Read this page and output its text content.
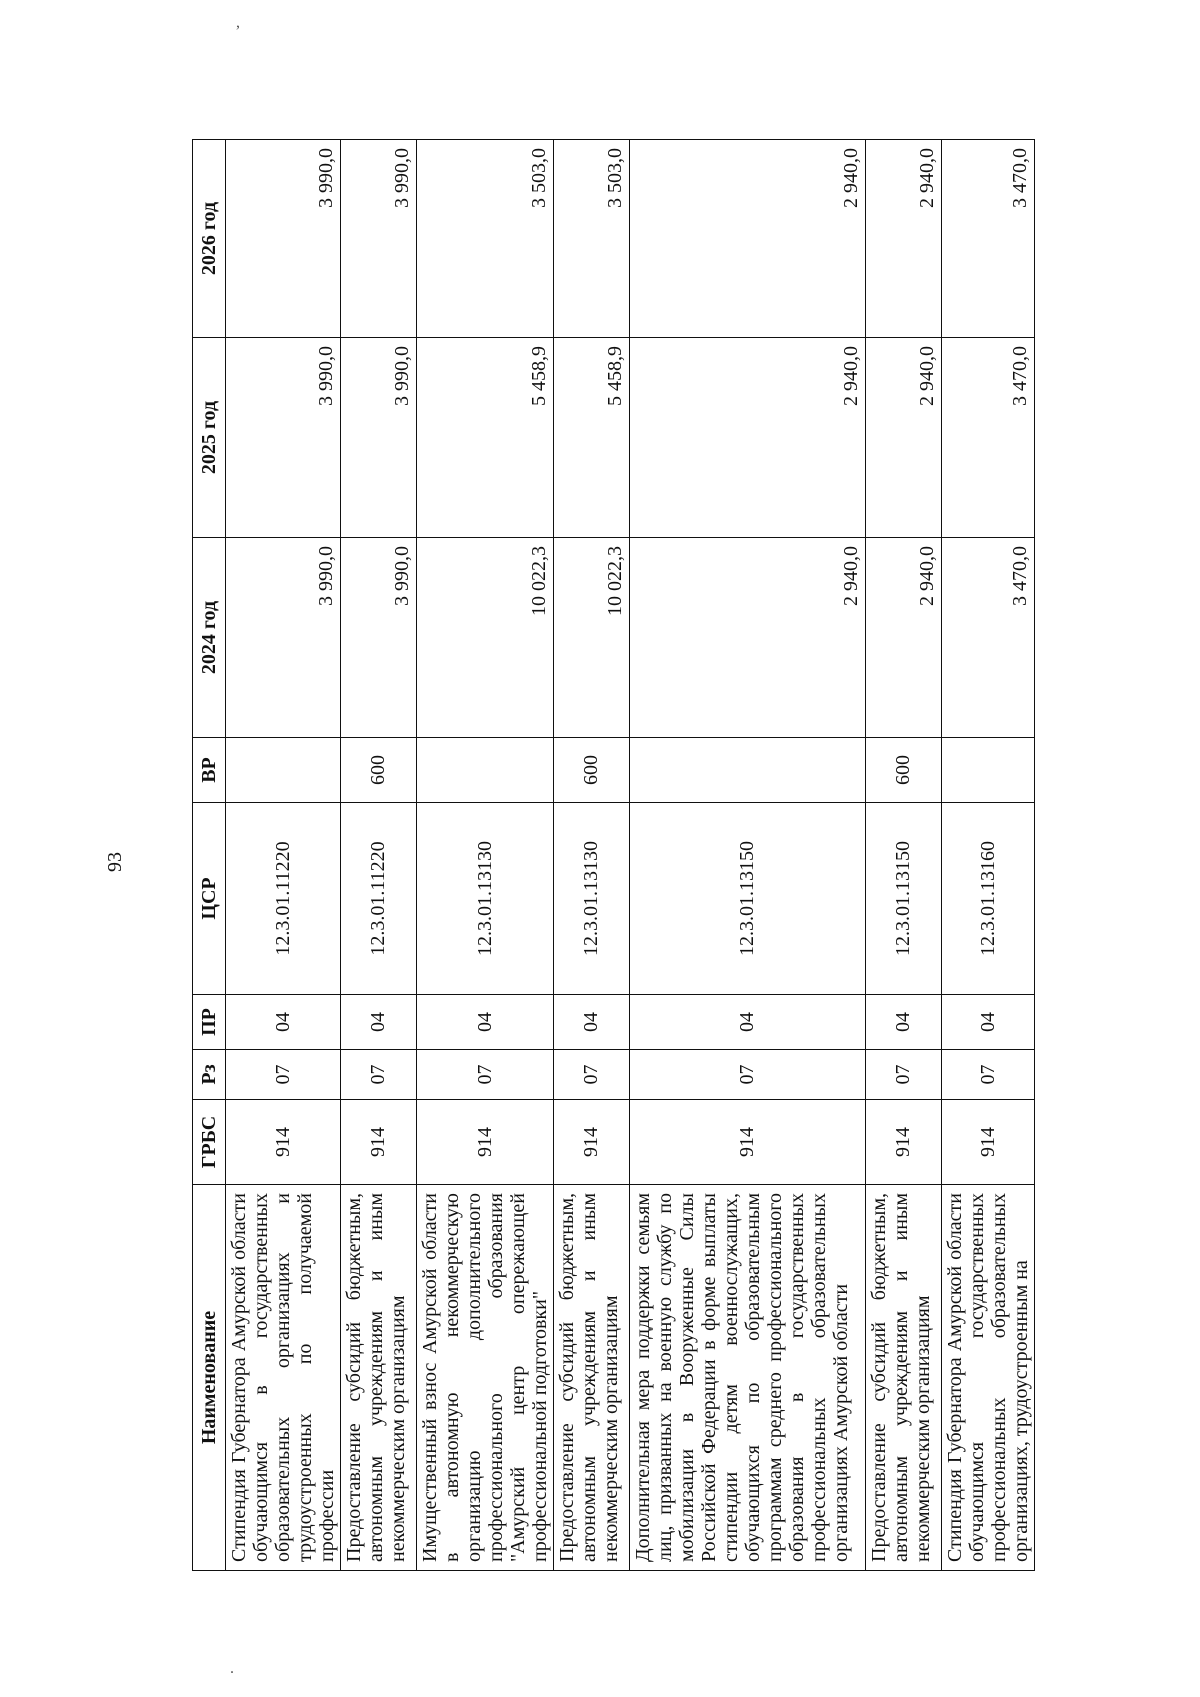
93
,
.
Наименование	ГРБС	Рз	ПР	ЦСР	ВР	2024 год	2025 год	2026 год
Стипендия Губернатора Амурской области обучающимся в государственных образовательных организациях и трудоустроенных по получаемой профессии	914	07	04	12.3.01.11220		3 990,0	3 990,0	3 990,0
Предоставление субсидий бюджетным, автономным учреждениям и иным некоммерческим организациям	914	07	04	12.3.01.11220	600	3 990,0	3 990,0	3 990,0
Имущественный взнос Амурской области в автономную некоммерческую организацию дополнительного профессионального образования "Амурский центр опережающей профессиональной подготовки"	914	07	04	12.3.01.13130		10 022,3	5 458,9	3 503,0
Предоставление субсидий бюджетным, автономным учреждениям и иным некоммерческим организациям	914	07	04	12.3.01.13130	600	10 022,3	5 458,9	3 503,0
Дополнительная мера поддержки семьям лиц, призванных на военную службу по мобилизации в Вооруженные Силы Российской Федерации в форме выплаты стипендии детям военнослужащих, обучающихся по образовательным программам среднего профессионального образования в государственных профессиональных образовательных организациях Амурской области	914	07	04	12.3.01.13150		2 940,0	2 940,0	2 940,0
Предоставление субсидий бюджетным, автономным учреждениям и иным некоммерческим организациям	914	07	04	12.3.01.13150	600	2 940,0	2 940,0	2 940,0
Стипендия Губернатора Амурской области обучающимся государственных профессиональных образовательных организациях, трудоустроенным на	914	07	04	12.3.01.13160		3 470,0	3 470,0	3 470,0
